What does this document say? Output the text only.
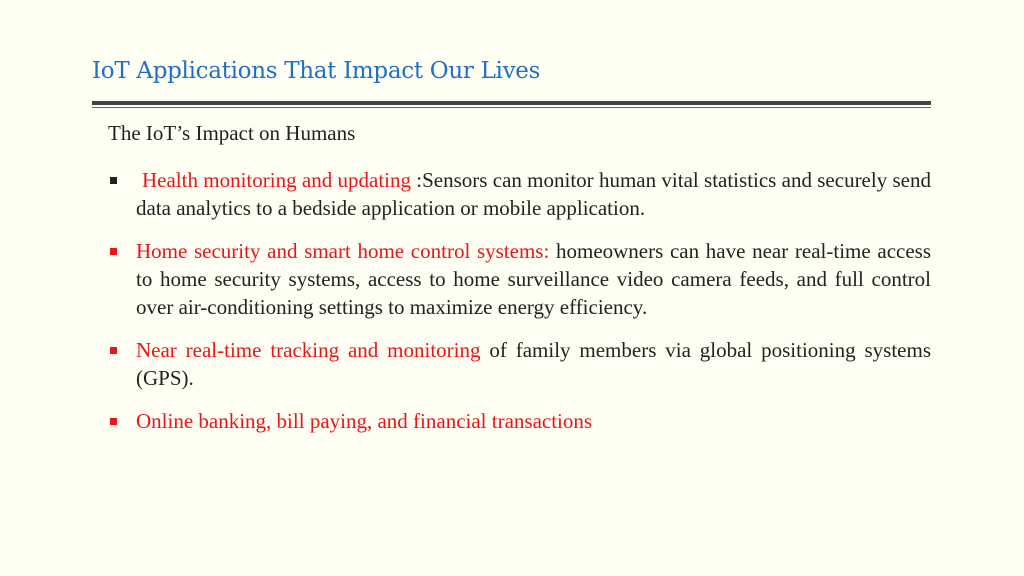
IoT Applications That Impact Our Lives
The IoT’s Impact on Humans
Health monitoring and updating :Sensors can monitor human vital statistics and securely send data analytics to a bedside application or mobile application.
Home security and smart home control systems: homeowners can have near real-time access to home security systems, access to home surveillance video camera feeds, and full control over air-conditioning settings to maximize energy efficiency.
Near real-time tracking and monitoring of family members via global positioning systems (GPS).
Online banking, bill paying, and financial transactions
